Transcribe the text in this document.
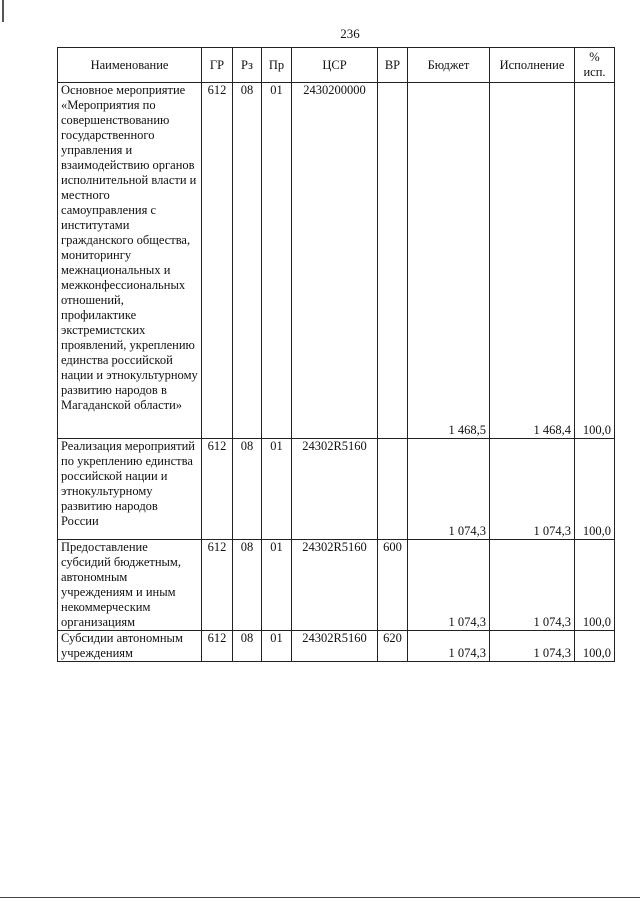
236
Наименование	ГР	Рз	Пр	ЦСР	ВР	Бюджет	Исполнение	% исп.
Основное мероприятие «Мероприятия по совершенствованию государственного управления и взаимодействию органов исполнительной власти и местного самоуправления с институтами гражданского общества, мониторингу межнациональных и межконфессиональных отношений, профилактике экстремистских проявлений, укреплению единства российской нации и этнокультурному развитию народов в Магаданской области»	612	08	01	2430200000		1 468,5	1 468,4	100,0
Реализация мероприятий по укреплению единства российской нации и этнокультурному развитию народов России	612	08	01	24302R5160		1 074,3	1 074,3	100,0
Предоставление субсидий бюджетным, автономным учреждениям и иным некоммерческим организациям	612	08	01	24302R5160	600	1 074,3	1 074,3	100,0
Субсидии автономным учреждениям	612	08	01	24302R5160	620	1 074,3	1 074,3	100,0
